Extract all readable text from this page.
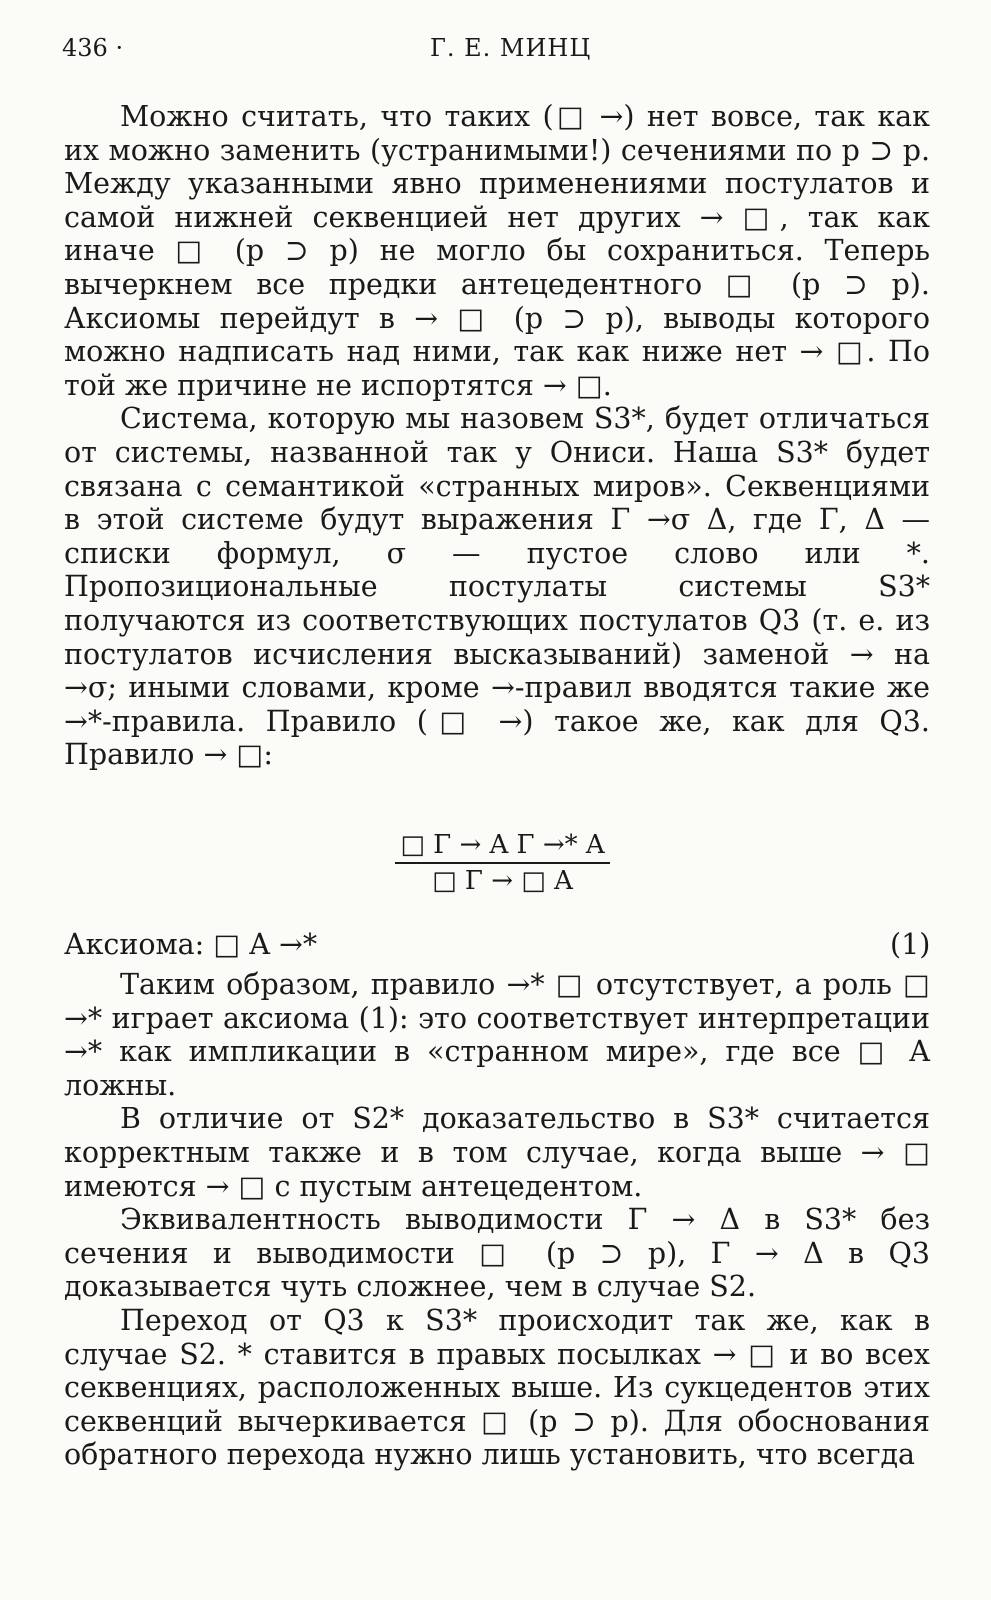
436 ·	Г. Е. МИНЦ

Можно считать, что таких (□ →) нет вовсе, так как их можно заменить (устранимыми!) сечениями по p ⊃ p. Между указанными явно применениями постулатов и самой нижней секвенцией нет других → □, так как иначе □ (p ⊃ p) не могло бы сохраниться. Теперь вычеркнем все предки антецедентного □ (p ⊃ p). Аксиомы перейдут в → □ (p ⊃ p), выводы которого можно надписать над ними, так как ниже нет → □. По той же причине не испортятся → □.

Система, которую мы назовем S3*, будет отличаться от системы, названной так у Ониси. Наша S3* будет связана с семантикой «странных миров». Секвенциями в этой системе будут выражения Γ →σ Δ, где Γ, Δ — списки формул, σ — пустое слово или *. Пропозициональные постулаты системы S3* получаются из соответствующих постулатов Q3 (т. е. из постулатов исчисления высказываний) заменой → на →σ; иными словами, кроме →-правил вводятся такие же →*-правила. Правило (□ →) такое же, как для Q3. Правило → □:

$\frac{\text{□ Γ → A Γ →* A}}{□ \Gamma \to □ A}$
Аксиома: □ A →*	(1)

Таким образом, правило →* □ отсутствует, а роль □ →* играет аксиома (1): это соответствует интерпретации →* как импликации в «странном мире», где все □ A ложны.

В отличие от S2* доказательство в S3* считается корректным также и в том случае, когда выше → □ имеются → □ с пустым антецедентом.

Эквивалентность выводимости Γ → Δ в S3* без сечения и выводимости □ (p ⊃ p), Γ → Δ в Q3 доказывается чуть сложнее, чем в случае S2.

Переход от Q3 к S3* происходит так же, как в случае S2. * ставится в правых посылках → □ и во всех секвенциях, расположенных выше. Из сукцедентов этих секвенций вычеркивается □ (p ⊃ p). Для обоснования обратного перехода нужно лишь установить, что всегда
